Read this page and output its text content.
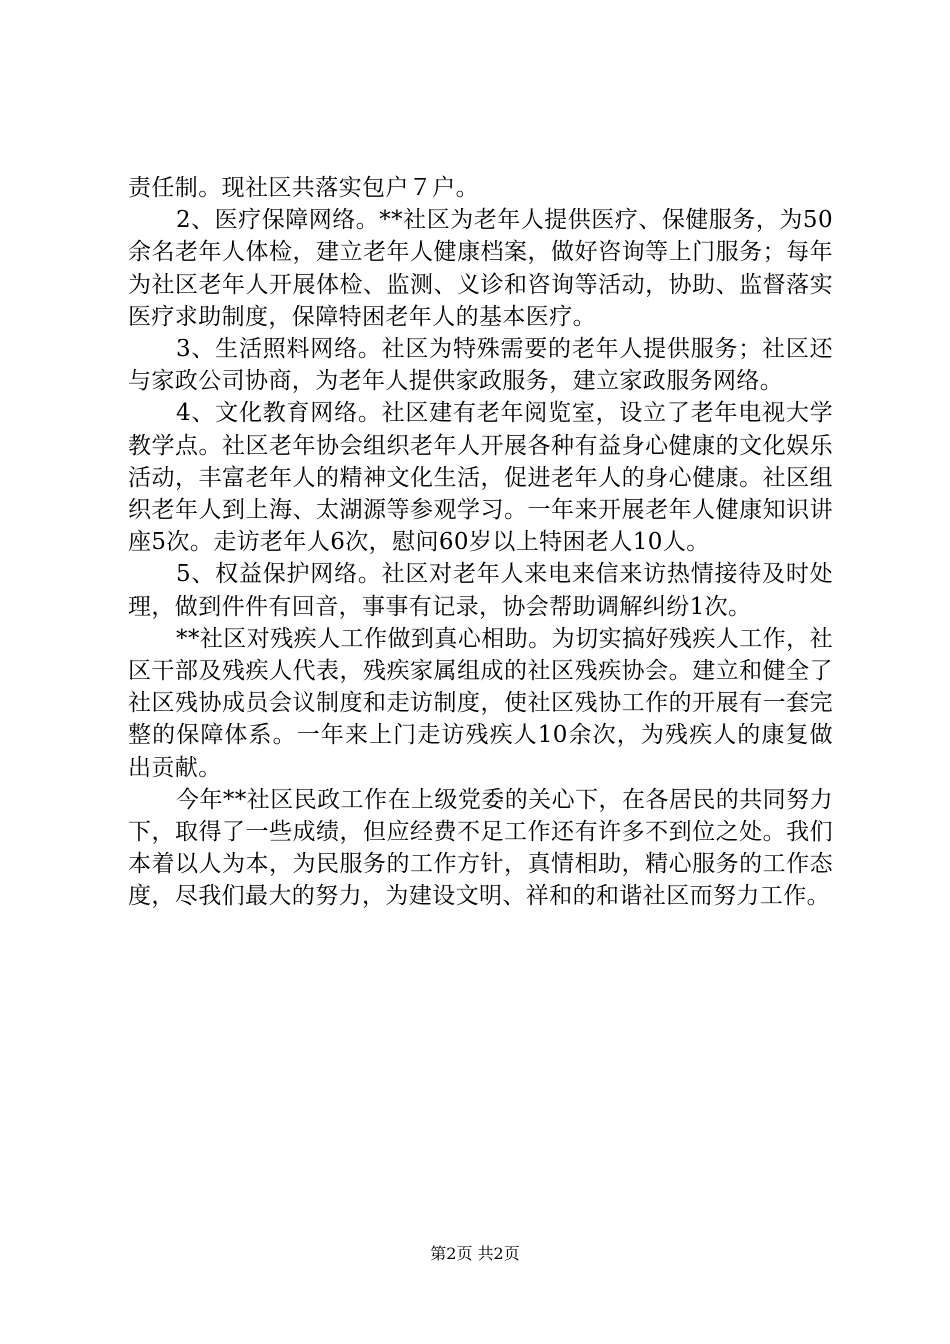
责任制。现社区共落实包户７户。

2、医疗保障网络。**社区为老年人提供医疗、保健服务，为50余名老年人体检，建立老年人健康档案，做好咨询等上门服务；每年为社区老年人开展体检、监测、义诊和咨询等活动，协助、监督落实医疗求助制度，保障特困老年人的基本医疗。

3、生活照料网络。社区为特殊需要的老年人提供服务；社区还与家政公司协商，为老年人提供家政服务，建立家政服务网络。

4、文化教育网络。社区建有老年阅览室，设立了老年电视大学教学点。社区老年协会组织老年人开展各种有益身心健康的文化娱乐活动，丰富老年人的精神文化生活，促进老年人的身心健康。社区组织老年人到上海、太湖源等参观学习。一年来开展老年人健康知识讲座5次。走访老年人6次，慰问60岁以上特困老人10人。

5、权益保护网络。社区对老年人来电来信来访热情接待及时处理，做到件件有回音，事事有记录，协会帮助调解纠纷1次。

**社区对残疾人工作做到真心相助。为切实搞好残疾人工作，社区干部及残疾人代表，残疾家属组成的社区残疾协会。建立和健全了社区残协成员会议制度和走访制度，使社区残协工作的开展有一套完整的保障体系。一年来上门走访残疾人10余次，为残疾人的康复做出贡献。

今年**社区民政工作在上级党委的关心下，在各居民的共同努力下，取得了一些成绩，但应经费不足工作还有许多不到位之处。我们本着以人为本，为民服务的工作方针，真情相助，精心服务的工作态度，尽我们最大的努力，为建设文明、祥和的和谐社区而努力工作。

第2页 共2页
